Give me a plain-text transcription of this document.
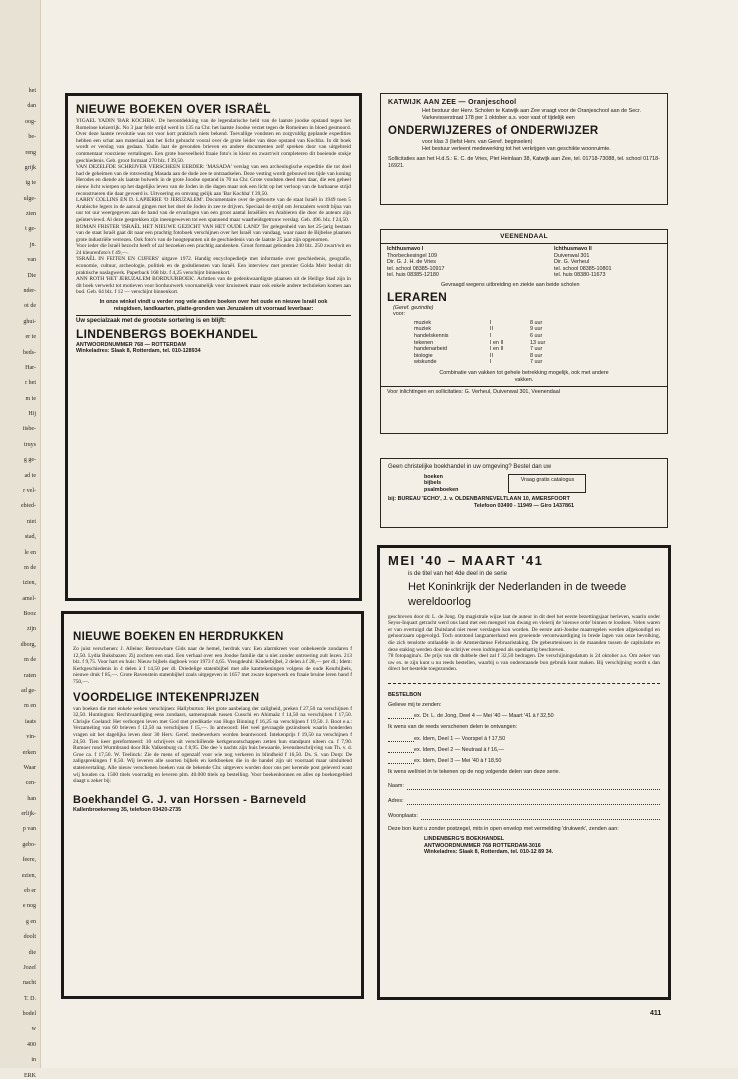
het
dan
oog-
be-
reng
grijk
ig te
ulge-
zien
t ge-
jn.
van
Die
nder-
ot de
ghui-
er te
beds-
Har-
r het
m te
Hij
iisbe-
truys
g ge-
ad te
r vel-
ebied-
niet
stad,
le en
m de
izien,
amel-
Booz
zijn
dborg,
m de
raten
ad ge-
m en
iaats
vin-
erken
Waar
cen-
han
erlijk-
p van
gebo-
feere,
ezien,
eb er
e nog
g en
doolt
die
Jozef
nacht
T. D.
bodel
w
400
in
ERK
NIEUWE BOEKEN OVER ISRAËL
YIGAEL YADIN 'BAR KOCHBA'. De herontdekking van de legendarische held van de laatste joodse opstand tegen het Romeinse keizerrijk. No 3 jaar felle strijd werd in 135 na Chr. het laatste Joodse verzet tegen de Romeinen in bloed gesmoord. Over deze laatste revolutie was tot voor kort praktisch niets bekend. Toevallige vondsten en zorgvuldig geplande expedities hebben een schat aan materiaal aan het licht gebracht vooral over de grote leider van deze opstand van Kochba. In dit boek wordt er verslag van gedaan. Yadin laat de gevonden brieven en andere documenten zelf spreken door van uitgebreid commentaar voorziene vertalingen. Een grote hoeveelheid fraaie foto's in kleur en zwart/wit completeren dit boeiende stukje geschiedenis. Geb. groot formaat 270 blz. f 39,50.
VAN DEZELFDE SCHRIJVER VERSCHEEN EERDER: 'MASADA' verslag van een archeologische expeditie die tot doel had de geheimen van de rotsvesting Masada aan de dode zee te ontraadselen. Deze vesting wordt gebouwd ten tijde van koning Herodes en diende als laatste bolwerk in de grote Joodse opstand in 70 na Chr. Grote vondsten deed men daar, die een geheel nieuw licht wierpen op het dagelijks leven van de Joden in die dagen maar ook een licht op het verloop van de barbaarse strijd reconstrueren die daar gevoerd is. Uitvoering en omvang gelijk aan 'Bar Kochba' f 39,50.
LARRY COLLINS EN D. LAPIERRE 'O JERUZALEM'. Documentaire over de geboorte van de staat Israël in 1949 toen 5 Arabische legers in de aanval gingen met het doel de Joden in zee te drijven. Speciaal de strijd om Jeruzalem wordt bijna van uur tot uur weergegeven aan de hand van de ervaringen van een groot aantal Israëliërs en Arabieren die door de auteurs zijn geïnterviewd. Al deze gesprekken zijn ineengeweven tot een spannend maar waarheidsgetrouw verslag. Geb. 496. blz. f 24,50.
ROMAN FRISTER 'ISRAËL HET NIEUWE GEZICHT VAN HET OUDE LAND' Ter gelegenheid van het 25-jarig bestaan van de staat Israël gaat dit naar een prachtig fotoboek verschijnen over het Israël van vandaag, waar naast de Bijbelse plaatsen grote industriële verrezen. Ook foto's van de hoogtepunten uit de geschiedenis van de laatste 25 jaar zijn opgenomen.
Voor ieder die Israël bezocht heeft of zal bezoeken een prachtig aandenken. Groot formaat gebonden 240 blz. 250 zwart/wit en 24 kleurenfoto's f 49,—.
'ISRAËL IN FEITEN EN CIJFERS' uitgave 1972. Handig encyclopedietje met informatie over geschiedenis, geografie, economie, cultuur, archeologie, politiek en de godsdiensten van Israël. Een interview met premier Golda Meir besluit dit praktische naslagwerk. Paperback 168 blz. f 4,25 verschijnt binnenkort.
ANN ROTH 'HET JERUZALEM BORDUURBOEK'. Achttien van de gedenkwaardigste plaatsen uit de Heilige Stad zijn in dit boek verwerkt tot motieven voor borduurwerk voornamelijk voor kruissteek maar ook enkele andere technieken komen aan bod. Geb. 64 blz. f 12 — verschijnt binnenkort.
In onze winkel vindt u verder nog vele andere boeken over het oude en nieuwe Israël ook reisgidsen, landkaarten, platte-gronden van Jeruzalem uit voorraad leverbaar:
Uw specialzaak met de grootste sortering is en blijft:
LINDENBERGS BOEKHANDEL
ANTWOORDNUMMER 768 — ROTTERDAM
Winkeladres: Slaak 8, Rotterdam, tel. 010-128934
NIEUWE BOEKEN EN HERDRUKKEN
Zo juist verschenen: J. Alleine: Betrouwbare Gids naar de hemel, herdruk van: Een alarmkreet voor onbekeerde zondaren f 12,50. Lydia Buksbazen: Zij zochten een stad. Een verhaal over een Joodse familie dat u niet zonder ontroering zult lezen. 213 blz. f 9,75. Voor hart en huis: Nieuw bijbels dagboek voor 1973 f 4,65. Vreugdeuhl: Kinderbijbel, 2 delen à f 28,— per dl.; Idem: Kerkgeschiedenis in 4 delen à f 14,50 per dl. Driedelige statenbijbel met alle kanttekeningen volgens de oude Keurbijbels, nieuwe druk f 85,—. Grote Ravenstein statenbijbel zoals uitgegeven in 1657 met zware koperwerk en fraaie bruine leren band f 750,—.
VOORDELIGE INTEKENPRIJZEN
van boeken die met enkele weken verschijnen: Hallyburton: Het grote aanbelang der zaligheid, preken f 27,50 na verschijnen f 32,50. Huntington: Rechtvaardiging eens zondaars, samenspraak tussen Cusschi en Ahimaäz f 14,50 na verschijnen f 17,50. Chrisjie Coeland: Het verborgen leven met God met predikatie van Hugo Binning f 16,25 na verschijnen f 19,50. J. Boot e.a.: Verzameling van 60 brieven f 12,50 na verschijnen f 15,—. In antwoord: Het veel gevraagde gezinsboek waarin honderden vragen uit het dagelijks leven door 30 Herv. Geref. medewerkers worden beantwoord. Intekenprijs f 19,50 na verschijnen f 24,50. Tien keer gereformeerd: 10 schrijvers uit verschillende kerkgenootschappen zetten hun standpunt uiteen ca. f 7,90. Rumoer rond Wurmbrand door Rik Valkenburg ca. f 8,95. Die dee 's nachts zijn huis bewaarde, levensbeschrijving van Th. v. d. Groe ca. f 17,50. W. Teelinck: Zie de mens of ogenzalf voor wie nog verkeren in blindheid f 16,50. Ds. S. van Dorp: De zaligsprekingen f 8,50. Wij leveren alle soorten bijbels en kerkboeken die in de handel zijn uit voorraad maar uitsluitend statenvertaling. Alle nieuw verschenen boeken van de bekende Chr. uitgevers worden door ons per kerende post geleverd want wij houden ca. 1500 titels voorradig en leveren plm. 40.000 titels op bestelling. Voor boekenbonnen en alles op boekengebied slaagt u zeker bij:
Boekhandel G. J. van Horssen - Barneveld
Kallenbroekerweg 35, telefoon 03420-2735
KATWIJK AAN ZEE — Oranjeschool
Het bestuur der Herv. Scholen te Katwijk aan Zee vraagt voor de Oranjeschool aan de Secr. Varkevisserstraat 178 per 1 oktober a.s. voor vast of tijdelijk een
ONDERWIJZERES of ONDERWIJZER
voor klas 3 (liefst Herv. van Geref. beginselen)
Het bestuur verleent medewerking tot het verkrijgen van geschikte woonruimte.
Sollicitaties aan het H.d.S.: E. C. de Vries, Piet Heinlaan 38, Katwijk aan Zee, tel. 01718-73088, tel. school 01718-16921.
VEENENDAAL
Ichthusmavo I
Thorbeckesingel 109
Dir. G. J. H. de Vries
tel. school 08385-10917
tel. huis 08385-12180
Ichthusmavo II
Duivenwal 301
Dir. G. Verheul
tel. school 08385-10801
tel. huis 08380-11673
Gevraagd wegens uitbreiding en ziekte aan beide scholen
LERAREN
(Geref. gezindte)
voor:
muziek	I	8 uur
muziek	II	9 uur
handelskennis	I	6 uur
tekenen	I en II	13 uur
handenarbeid	I en II	7 uur
biologie	II	8 uur
wiskunde	I	7 uur
Combinatie van vakken tot gehele betrekking mogelijk, ook met andere vakken.
Voor inlichtingen en sollicitaties: G. Verheul, Duivenwal 301, Veenendaal
Geen christelijke boekhandel in uw omgeving? Bestel dan uw
boeken
bijbels
psalmboeken
Vraag gratis catalogus
bij: BUREAU 'ECHO', J. v. OLDENBARNEVELTLAAN 10, AMERSFOORT
Telefoon 03490 - 11949 — Giro 1437861
MEI '40 – MAART '41
is de titel van het 4de deel in de serie
Het Koninkrijk der Nederlanden in de tweede wereldoorlog
geschreven door dr. L. de Jong. Op magistrale wijze laat de auteur in dit deel het eerste bezettingsjaar herleven, waarin onder Seyss-Inquart getracht werd ons land met een mengsel van dwang en vleierij de 'nieuwe orde' binnen te loodsen. Velen waren er van overtuigd dat Duitsland niet meer verslagen kon worden. De eerste anti-Joodse maatregelen werden afgekondigd en gehoorzaam opgevolgd. Toch ontstond langzamerhand een groeiende verontwaardiging in brede lagen van onze bevolking, die zich tenslotte ontlaadde in de Amsterdamse Februaristaking. De gebeurtenissen in de maanden tussen de capitulatie en deze staking werden door de schrijver even indringend als openhartig beschreven.
78 fotopagina's. De prijs van dit dubbele deel zal f 32,50 bedragen. De verschijningsdatum is 24 oktober a.s. Om zeker van uw ex. te zijn kunt u nu reeds bestellen, waarbij u van onderstaande bon gebruik kunt maken. Bij verschijning wordt u dan direct het bestelde toegezonden.
BESTELBON
Gelieve mij te zenden:
ex. Dr. L. de Jong, Deel 4 — Mei '40 — Maart '41 à f 32,50
Ik wens van de reeds verschenen delen te ontvangen:
ex. Idem, Deel 1 — Voorspel à f 17,50
ex. Idem, Deel 2 — Neutraal à f 16,—
ex. Idem, Deel 3 — Mei '40 à f 18,50
Ik wens wel/niet in te tekenen op de nog volgende delen van deze serie.
Naam:
Adres:
Woonplaats:
Deze bon kunt u zonder postzegel, mits in open envelop met vermelding 'drukwerk', zenden aan:
LINDENBERG'S BOEKHANDEL
ANTWOORDNUMMER 768 ROTTERDAM-3016
Winkeladres: Slaak 8, Rotterdam, tel. 010-12 89 34.
411
